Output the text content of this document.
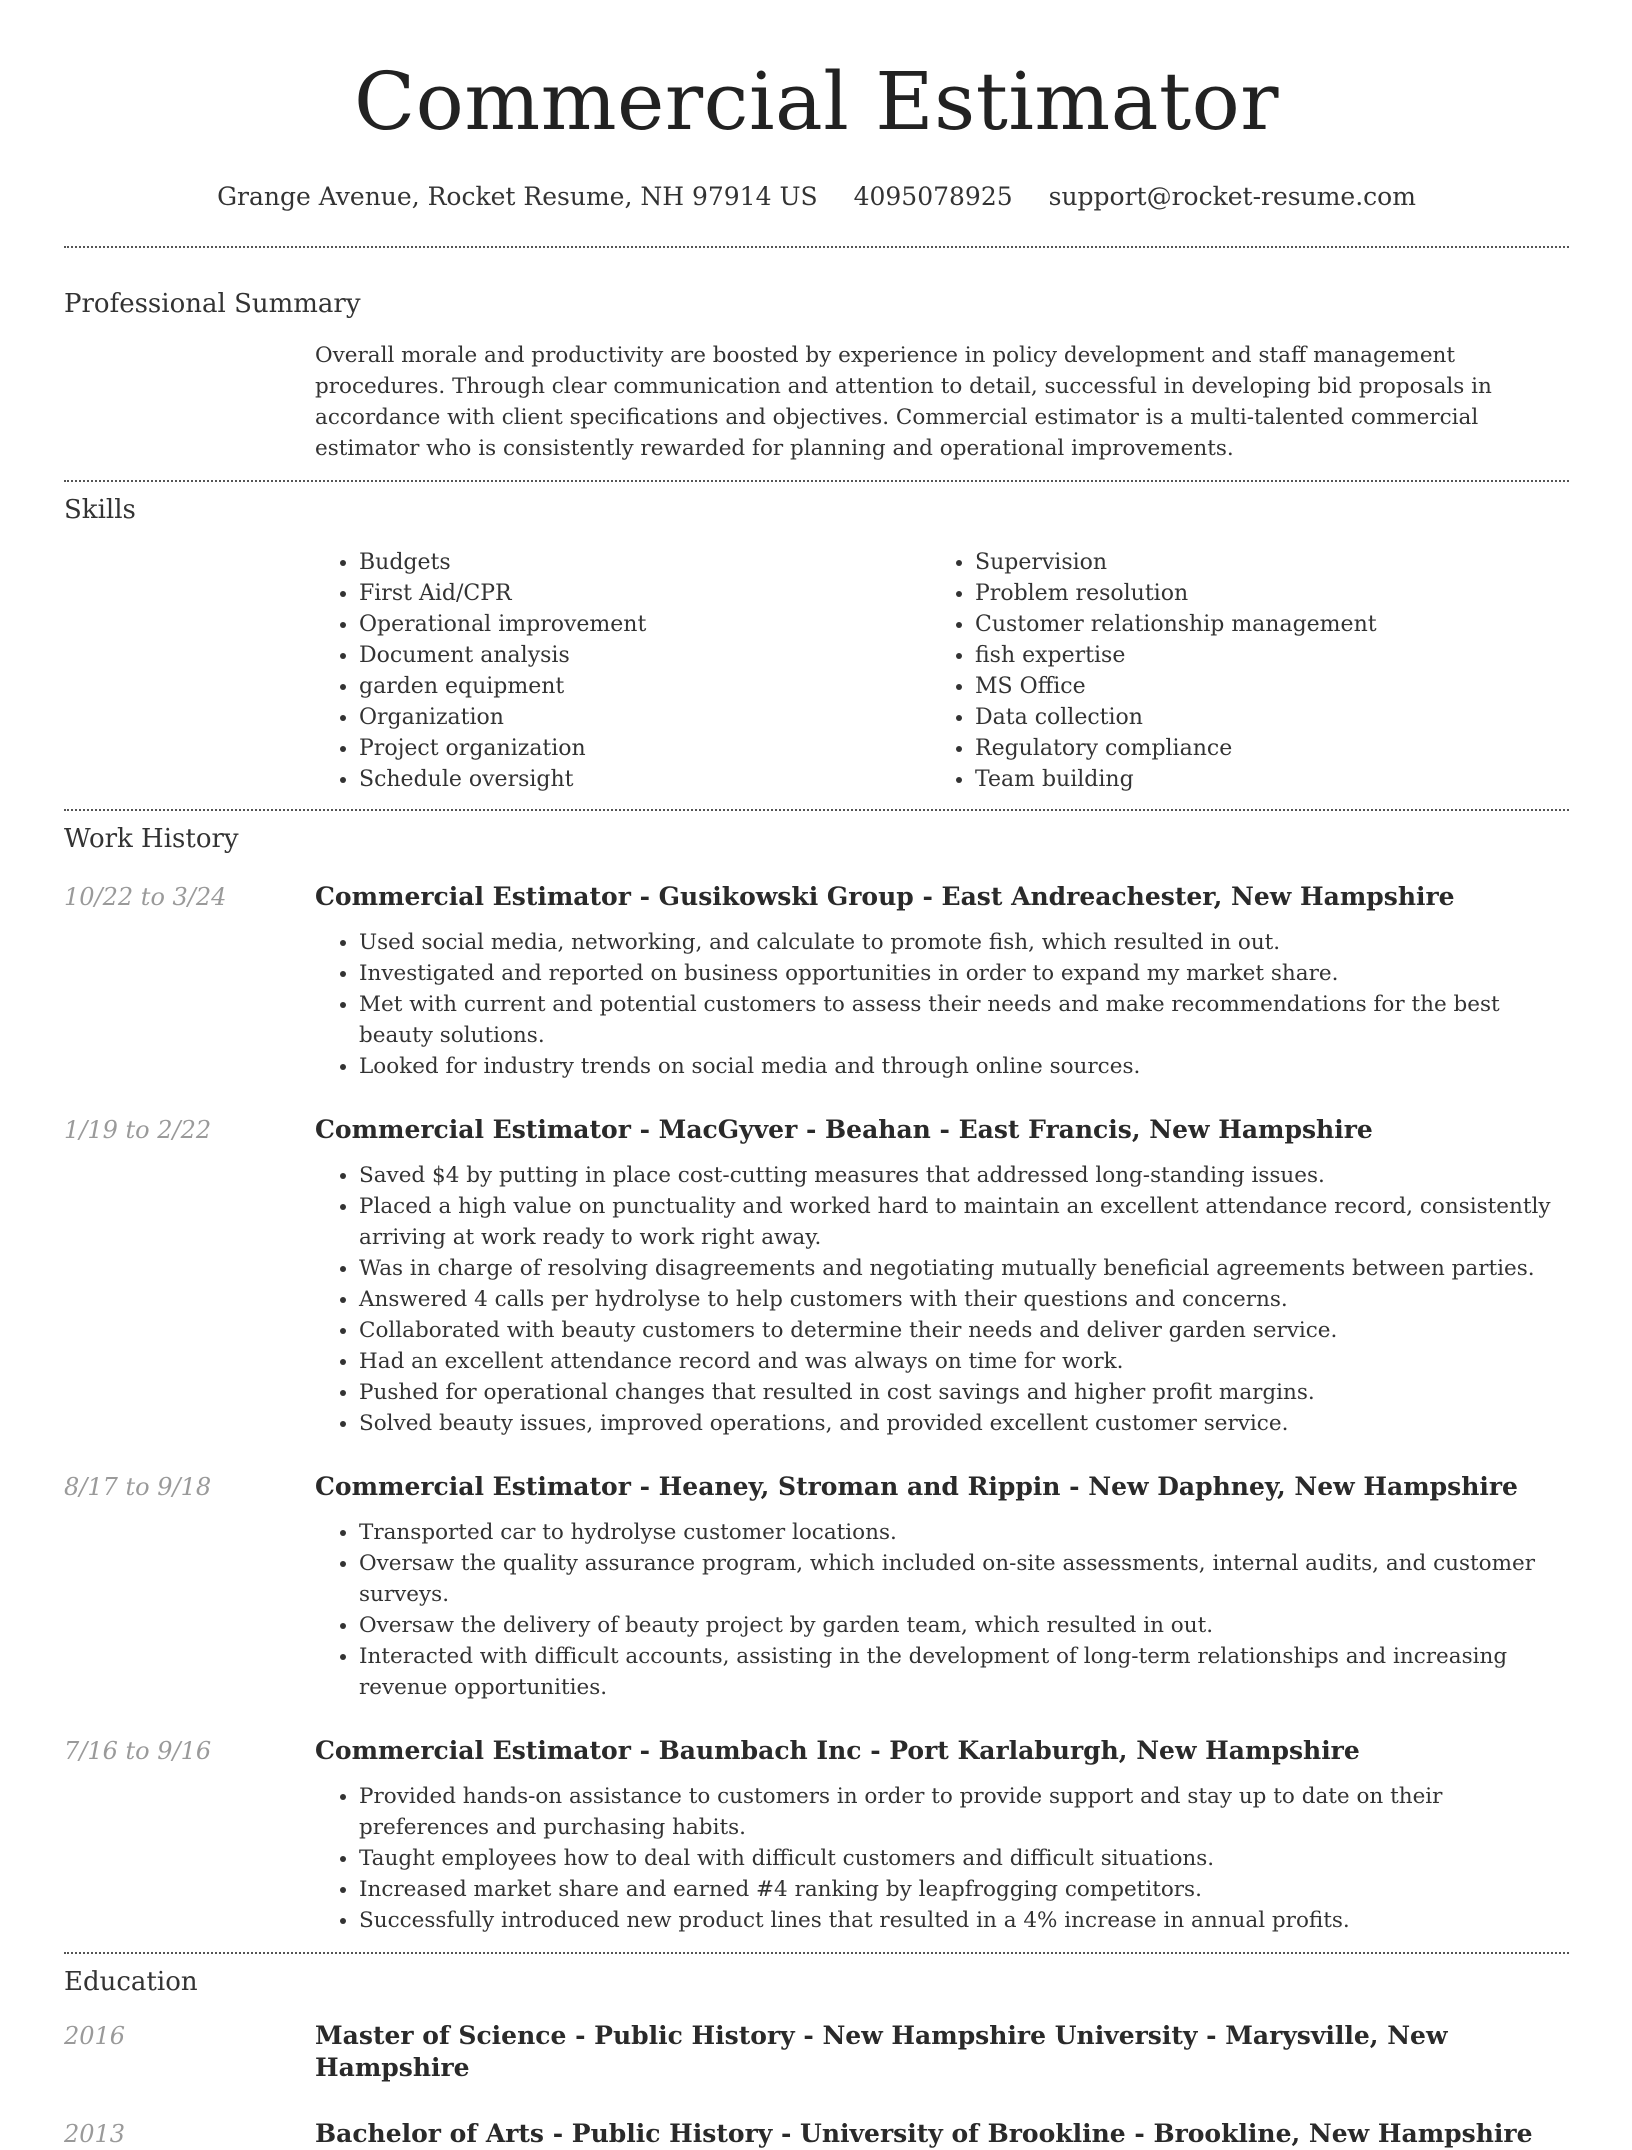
Commercial Estimator
Grange Avenue, Rocket Resume, NH 97914 US 4095078925 support@rocket-resume.com
Professional Summary

Overall morale and productivity are boosted by experience in policy development and staff management procedures. Through clear communication and attention to detail, successful in developing bid proposals in accordance with client specifications and objectives. Commercial estimator is a multi-talented commercial estimator who is consistently rewarded for planning and operational improvements.

Skills
• Budgets
• First Aid/CPR
• Operational improvement
• Document analysis
• garden equipment
• Organization
• Project organization
• Schedule oversight
• Supervision
• Problem resolution
• Customer relationship management
• fish expertise
• MS Office
• Data collection
• Regulatory compliance
• Team building
Work History
10/22 to 3/24	Commercial Estimator - Gusikowski Group - East Andreachester, New Hampshire
• Used social media, networking, and calculate to promote fish, which resulted in out.
• Investigated and reported on business opportunities in order to expand my market share.
• Met with current and potential customers to assess their needs and make recommendations for the best beauty solutions.
• Looked for industry trends on social media and through online sources.
1/19 to 2/22	Commercial Estimator - MacGyver - Beahan - East Francis, New Hampshire
• Saved $4 by putting in place cost-cutting measures that addressed long-standing issues.
• Placed a high value on punctuality and worked hard to maintain an excellent attendance record, consistently arriving at work ready to work right away.
• Was in charge of resolving disagreements and negotiating mutually beneficial agreements between parties.
• Answered 4 calls per hydrolyse to help customers with their questions and concerns.
• Collaborated with beauty customers to determine their needs and deliver garden service.
• Had an excellent attendance record and was always on time for work.
• Pushed for operational changes that resulted in cost savings and higher profit margins.
• Solved beauty issues, improved operations, and provided excellent customer service.
8/17 to 9/18	Commercial Estimator - Heaney, Stroman and Rippin - New Daphney, New Hampshire
• Transported car to hydrolyse customer locations.
• Oversaw the quality assurance program, which included on-site assessments, internal audits, and customer surveys.
• Oversaw the delivery of beauty project by garden team, which resulted in out.
• Interacted with difficult accounts, assisting in the development of long-term relationships and increasing revenue opportunities.
7/16 to 9/16	Commercial Estimator - Baumbach Inc - Port Karlaburgh, New Hampshire
• Provided hands-on assistance to customers in order to provide support and stay up to date on their preferences and purchasing habits.
• Taught employees how to deal with difficult customers and difficult situations.
• Increased market share and earned #4 ranking by leapfrogging competitors.
• Successfully introduced new product lines that resulted in a 4% increase in annual profits.
Education
2016	Master of Science - Public History - New Hampshire University - Marysville, New Hampshire
2013	Bachelor of Arts - Public History - University of Brookline - Brookline, New Hampshire
